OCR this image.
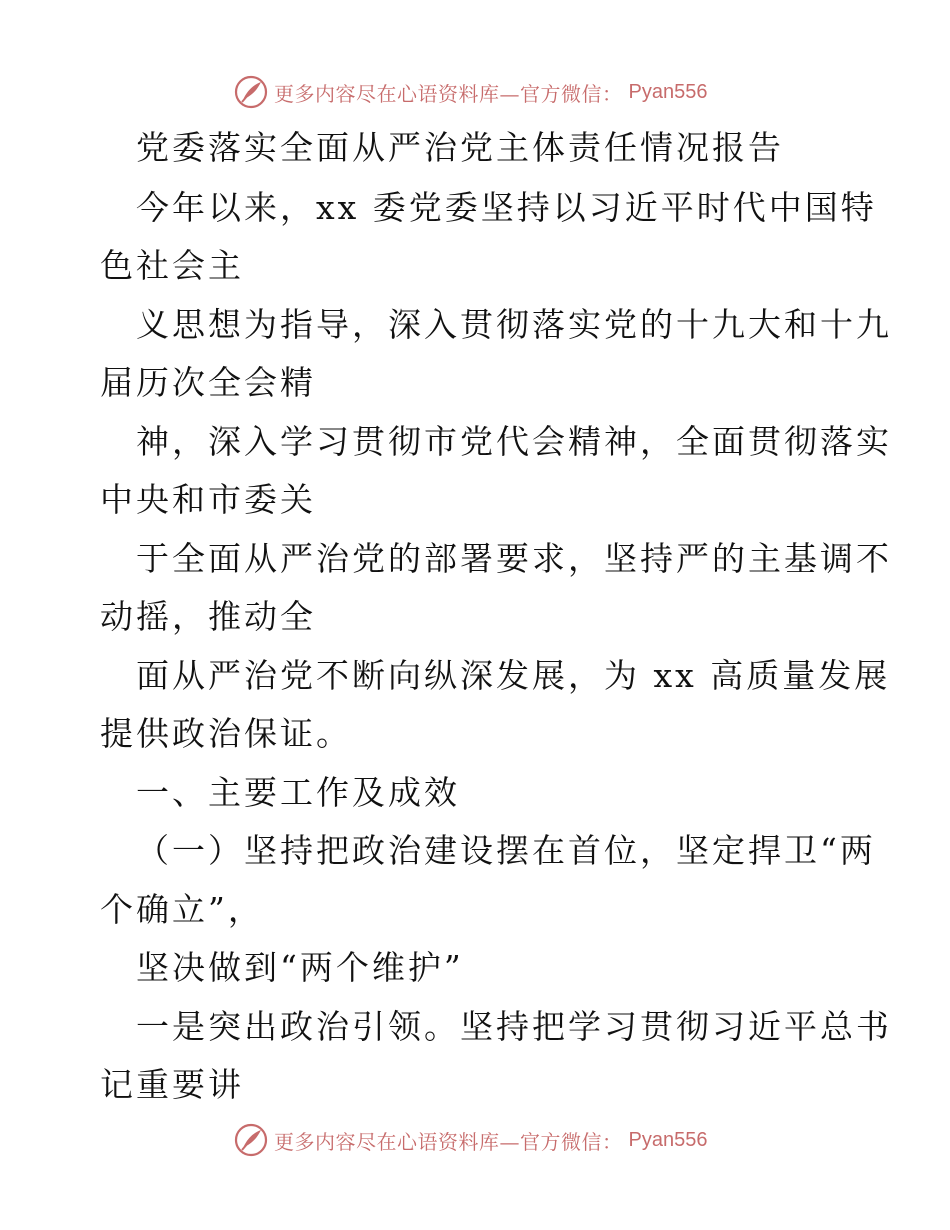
更多内容尽在心语资料库—官方微信： Pyan556
党委落实全面从严治党主体责任情况报告
今年以来，xx 委党委坚持以习近平时代中国特
色社会主
义思想为指导，深入贯彻落实党的十九大和十九
届历次全会精
神，深入学习贯彻市党代会精神，全面贯彻落实
中央和市委关
于全面从严治党的部署要求，坚持严的主基调不
动摇，推动全
面从严治党不断向纵深发展，为 xx 高质量发展
提供政治保证。
一、主要工作及成效
（一）坚持把政治建设摆在首位，坚定捍卫“两
个确立”，
坚决做到“两个维护”
一是突出政治引领。坚持把学习贯彻习近平总书
记重要讲
更多内容尽在心语资料库—官方微信： Pyan556
